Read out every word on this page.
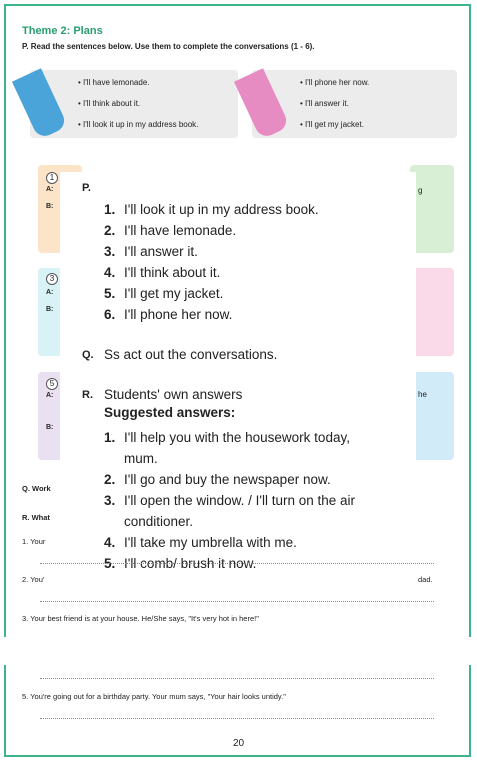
Theme 2: Plans
P. Read the sentences below. Use them to complete the conversations (1 - 6).
• I'll have lemonade.
• I'll think about it.
• I'll look it up in my address book.
• I'll phone her now.
• I'll answer it.
• I'll get my jacket.
1
A:
B:
3
A:
B:
5
A:
B:
g
he
P.
1. I'll look it up in my address book.
2. I'll have lemonade.
3. I'll answer it.
4. I'll think about it.
5. I'll get my jacket.
6. I'll phone her now.
Q. Ss act out the conversations.
R. Students' own answers
Suggested answers:
1. I'll help you with the housework today,
mum.
2. I'll go and buy the newspaper now.
3. I'll open the window. / I'll turn on the air
conditioner.
4. I'll take my umbrella with me.
5. I'll comb/ brush it now.
Q. Work
R. What
1. Your
2. You'	dad.
3. Your best friend is at your house. He/She says, "It's very hot in here!"
5. You're going out for a birthday party. Your mum says, "Your hair looks untidy."
20
